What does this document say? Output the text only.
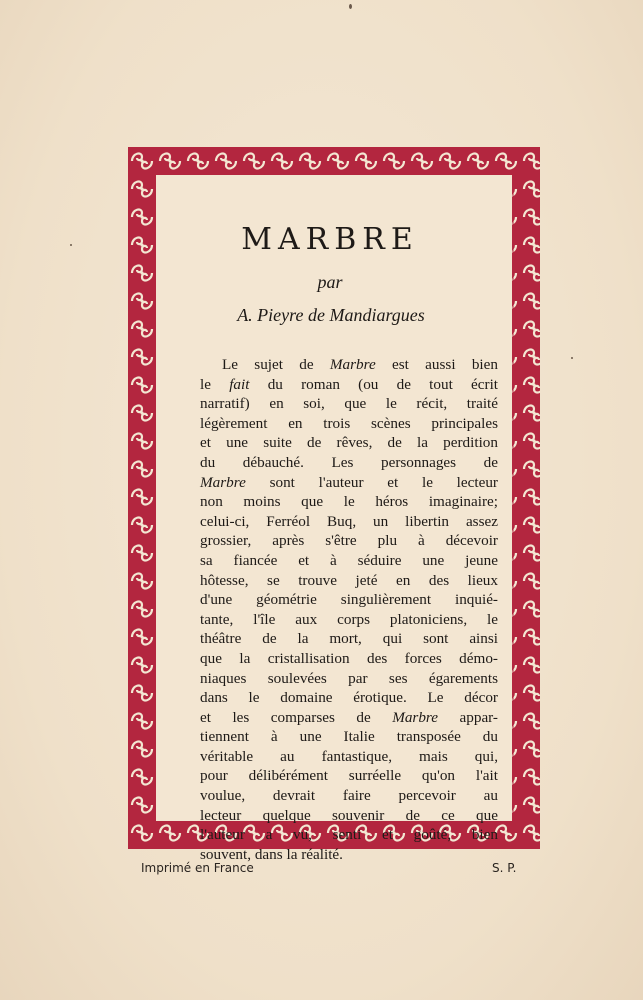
MARBRE
par
A. Pieyre de Mandiargues
Le sujet de Marbre est aussi bien
le fait du roman (ou de tout écrit
narratif) en soi, que le récit, traité
légèrement en trois scènes principales
et une suite de rêves, de la perdition
du débauché. Les personnages de
Marbre sont l'auteur et le lecteur
non moins que le héros imaginaire;
celui-ci, Ferréol Buq, un libertin assez
grossier, après s'être plu à décevoir
sa fiancée et à séduire une jeune
hôtesse, se trouve jeté en des lieux
d'une géométrie singulièrement inquié-
tante, l'île aux corps platoniciens, le
théâtre de la mort, qui sont ainsi
que la cristallisation des forces démo-
niaques soulevées par ses égarements
dans le domaine érotique. Le décor
et les comparses de Marbre appar-
tiennent à une Italie transposée du
véritable au fantastique, mais qui,
pour délibérément surréelle qu'on l'ait
voulue, devrait faire percevoir au
lecteur quelque souvenir de ce que
l'auteur a vu, senti et goûté, bien
souvent, dans la réalité.
Imprimé en France	S. P.
